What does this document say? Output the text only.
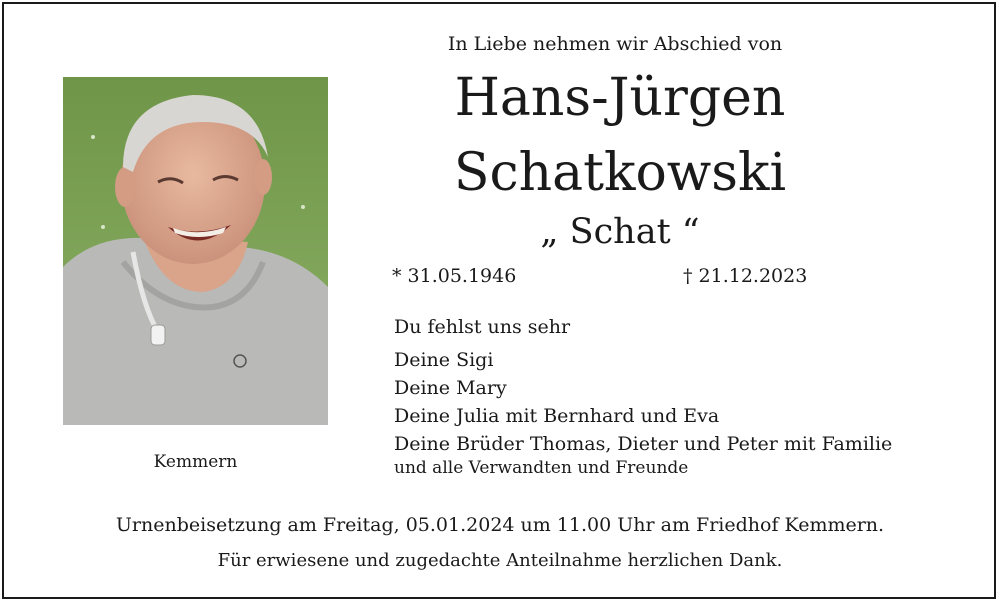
In Liebe nehmen wir Abschied von
Hans-Jürgen
Schatkowski
„ Schat “
* 31.05.1946	† 21.12.2023
Du fehlst uns sehr
Deine Sigi
Deine Mary
Deine Julia mit Bernhard und Eva
Deine Brüder Thomas, Dieter und Peter mit Familie
und alle Verwandten und Freunde
Kemmern
Urnenbeisetzung am Freitag, 05.01.2024 um 11.00 Uhr am Friedhof Kemmern.
Für erwiesene und zugedachte Anteilnahme herzlichen Dank.
